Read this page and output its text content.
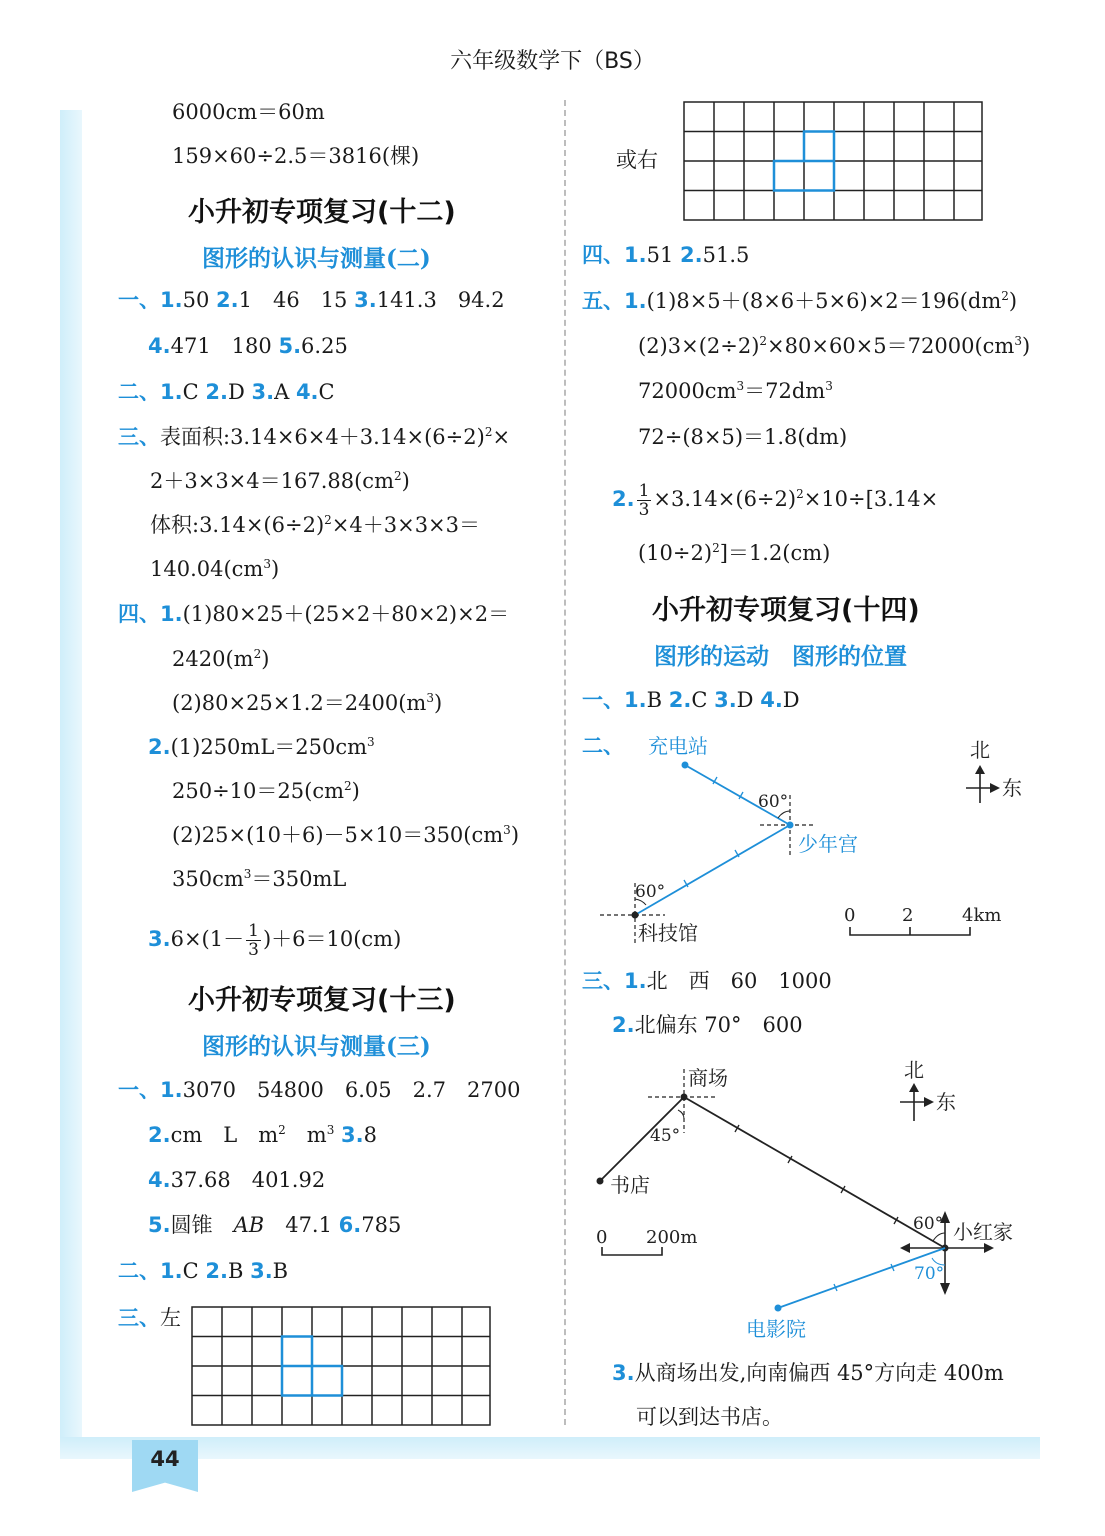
44
六年级数学下（BS）
6000cm＝60m
159×60÷2.5＝3816(棵)
小升初专项复习(十二)
图形的认识与测量(二)
一、1.50 2.1　46　15 3.141.3　94.2
4.471　180 5.6.25
二、1.C 2.D 3.A 4.C
三、表面积$:3.14\times 6\times 4+3.14\times(6\div 2)^2\times$
$2+3\times 3\times 4=167.88(cm^2)$
体积$:3.14\times(6\div 2)^2\times 4+3\times 3\times 3=$
$140.04(cm^3)$
四、1.(1)80×25＋(25×2＋80×2)×2＝
$2420(m^2)$
$(2)80\times 25\times 1.2=2400(m^3)$
$2.(1)250mL=250cm^3$
$250\div 10=25(cm^2)$
$(2)25\times(10+6)-5\times 10=350(cm^3)$
$350cm^3=350mL$
$3.6\times(1- \frac{1}{3} )+6=10(cm)$
小升初专项复习(十三)
图形的认识与测量(三)
一、1.3070　54800　6.05　2.7　2700
2.cm　L　$m^2$　$m^3$ 3.8
4.37.68　401.92
5.圆锥　AB　47.1 6.785
二、1.C 2.B 3.B
三、左
或右
四、1.51 2.51.5
五、$1.(1)8\times 5+(8\times 6+5\times 6)\times 2=196(dm^2)$
$(2)3\times(2\div 2)^2\times 80\times 60\times 5=72000(cm^3)$
$72000cm^3=72dm^3$
72÷(8×5)＝1.8(dm)
2. $\frac{1}{3} \times 3.14\times(6\div 2)^2\times 10\div[3.14\times$
$(10\div 2)^2]=1.2(cm)$
小升初专项复习(十四)
图形的运动　图形的位置
一、1.B 2.C 3.D 4.D
二、 充电站
60°
少年宫
60°
科技馆
北
东
0	2	4km
三、1.北　西　60　1000
2.北偏东 70°　600
商场
45°
书店
60° 小红家
70°
电影院
北
东
0 200m
3.从商场出发,向南偏西 45°方向走 400m
可以到达书店。
